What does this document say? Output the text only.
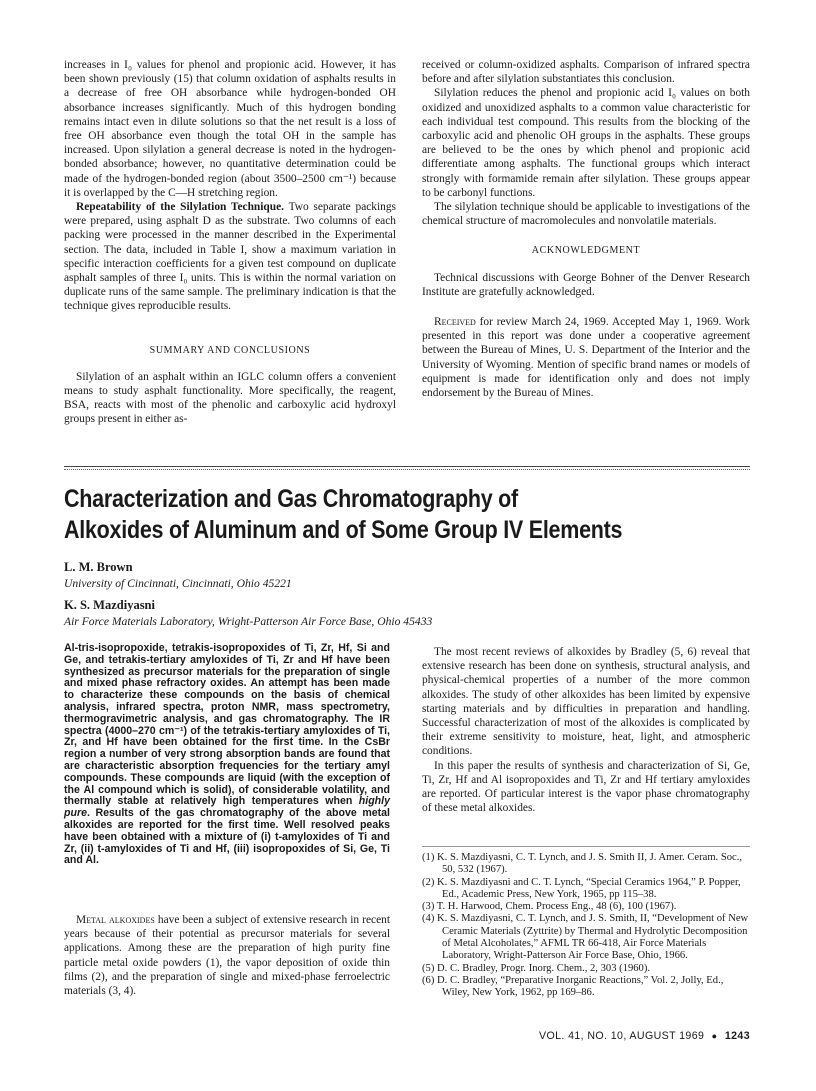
increases in I₀ values for phenol and propionic acid. However, it has been shown previously (15) that column oxidation of asphalts results in a decrease of free OH absorbance while hydrogen-bonded OH absorbance increases significantly. Much of this hydrogen bonding remains intact even in dilute solutions so that the net result is a loss of free OH absorbance even though the total OH in the sample has increased. Upon silylation a general decrease is noted in the hydrogen-bonded absorbance; however, no quantitative determination could be made of the hydrogen-bonded region (about 3500–2500 cm⁻¹) because it is overlapped by the C—H stretching region.

Repeatability of the Silylation Technique. Two separate packings were prepared, using asphalt D as the substrate. Two columns of each packing were processed in the manner described in the Experimental section. The data, included in Table I, show a maximum variation in specific interaction coefficients for a given test compound on duplicate asphalt samples of three I₀ units. This is within the normal variation on duplicate runs of the same sample. The preliminary indication is that the technique gives reproducible results.

SUMMARY AND CONCLUSIONS

Silylation of an asphalt within an IGLC column offers a convenient means to study asphalt functionality. More specifically, the reagent, BSA, reacts with most of the phenolic and carboxylic acid hydroxyl groups present in either as-

received or column-oxidized asphalts. Comparison of infrared spectra before and after silylation substantiates this conclusion.

Silylation reduces the phenol and propionic acid I₀ values on both oxidized and unoxidized asphalts to a common value characteristic for each individual test compound. This results from the blocking of the carboxylic acid and phenolic OH groups in the asphalts. These groups are believed to be the ones by which phenol and propionic acid differentiate among asphalts. The functional groups which interact strongly with formamide remain after silylation. These groups appear to be carbonyl functions.

The silylation technique should be applicable to investigations of the chemical structure of macromolecules and nonvolatile materials.

ACKNOWLEDGMENT

Technical discussions with George Bohner of the Denver Research Institute are gratefully acknowledged.

Received for review March 24, 1969. Accepted May 1, 1969. Work presented in this report was done under a cooperative agreement between the Bureau of Mines, U. S. Department of the Interior and the University of Wyoming. Mention of specific brand names or models of equipment is made for identification only and does not imply endorsement by the Bureau of Mines.

Characterization and Gas Chromatography of
Alkoxides of Aluminum and of Some Group IV Elements
L. M. Brown
University of Cincinnati, Cincinnati, Ohio 45221
K. S. Mazdiyasni
Air Force Materials Laboratory, Wright-Patterson Air Force Base, Ohio 45433
Al-tris-isopropoxide, tetrakis-isopropoxides of Ti, Zr, Hf, Si and Ge, and tetrakis-tertiary amyloxides of Ti, Zr and Hf have been synthesized as precursor materials for the preparation of single and mixed phase refractory oxides. An attempt has been made to characterize these compounds on the basis of chemical analysis, infrared spectra, proton NMR, mass spectrometry, thermogravimetric analysis, and gas chromatography. The IR spectra (4000–270 cm⁻¹) of the tetrakis-tertiary amyloxides of Ti, Zr, and Hf have been obtained for the first time. In the CsBr region a number of very strong absorption bands are found that are characteristic absorption frequencies for the tertiary amyl compounds. These compounds are liquid (with the exception of the Al compound which is solid), of considerable volatility, and thermally stable at relatively high temperatures when highly pure. Results of the gas chromatography of the above metal alkoxides are reported for the first time. Well resolved peaks have been obtained with a mixture of (i) t-amyloxides of Ti and Zr, (ii) t-amyloxides of Ti and Hf, (iii) isopropoxides of Si, Ge, Ti and Al.

Metal alkoxides have been a subject of extensive research in recent years because of their potential as precursor materials for several applications. Among these are the preparation of high purity fine particle metal oxide powders (1), the vapor deposition of oxide thin films (2), and the preparation of single and mixed-phase ferroelectric materials (3, 4).

The most recent reviews of alkoxides by Bradley (5, 6) reveal that extensive research has been done on synthesis, structural analysis, and physical-chemical properties of a number of the more common alkoxides. The study of other alkoxides has been limited by expensive starting materials and by difficulties in preparation and handling. Successful characterization of most of the alkoxides is complicated by their extreme sensitivity to moisture, heat, light, and atmospheric conditions.

In this paper the results of synthesis and characterization of Si, Ge, Ti, Zr, Hf and Al isopropoxides and Ti, Zr and Hf tertiary amyloxides are reported. Of particular interest is the vapor phase chromatography of these metal alkoxides.

(1) K. S. Mazdiyasni, C. T. Lynch, and J. S. Smith II, J. Amer. Ceram. Soc., 50, 532 (1967).

(2) K. S. Mazdiyasni and C. T. Lynch, “Special Ceramics 1964,” P. Popper, Ed., Academic Press, New York, 1965, pp 115–38.

(3) T. H. Harwood, Chem. Process Eng., 48 (6), 100 (1967).

(4) K. S. Mazdiyasni, C. T. Lynch, and J. S. Smith, II, “Development of New Ceramic Materials (Zyttrite) by Thermal and Hydrolytic Decomposition of Metal Alcoholates,” AFML TR 66-418, Air Force Materials Laboratory, Wright-Patterson Air Force Base, Ohio, 1966.

(5) D. C. Bradley, Progr. Inorg. Chem., 2, 303 (1960).

(6) D. C. Bradley, “Preparative Inorganic Reactions,” Vol. 2, Jolly, Ed., Wiley, New York, 1962, pp 169–86.

VOL. 41, NO. 10, AUGUST 1969 ● 1243
